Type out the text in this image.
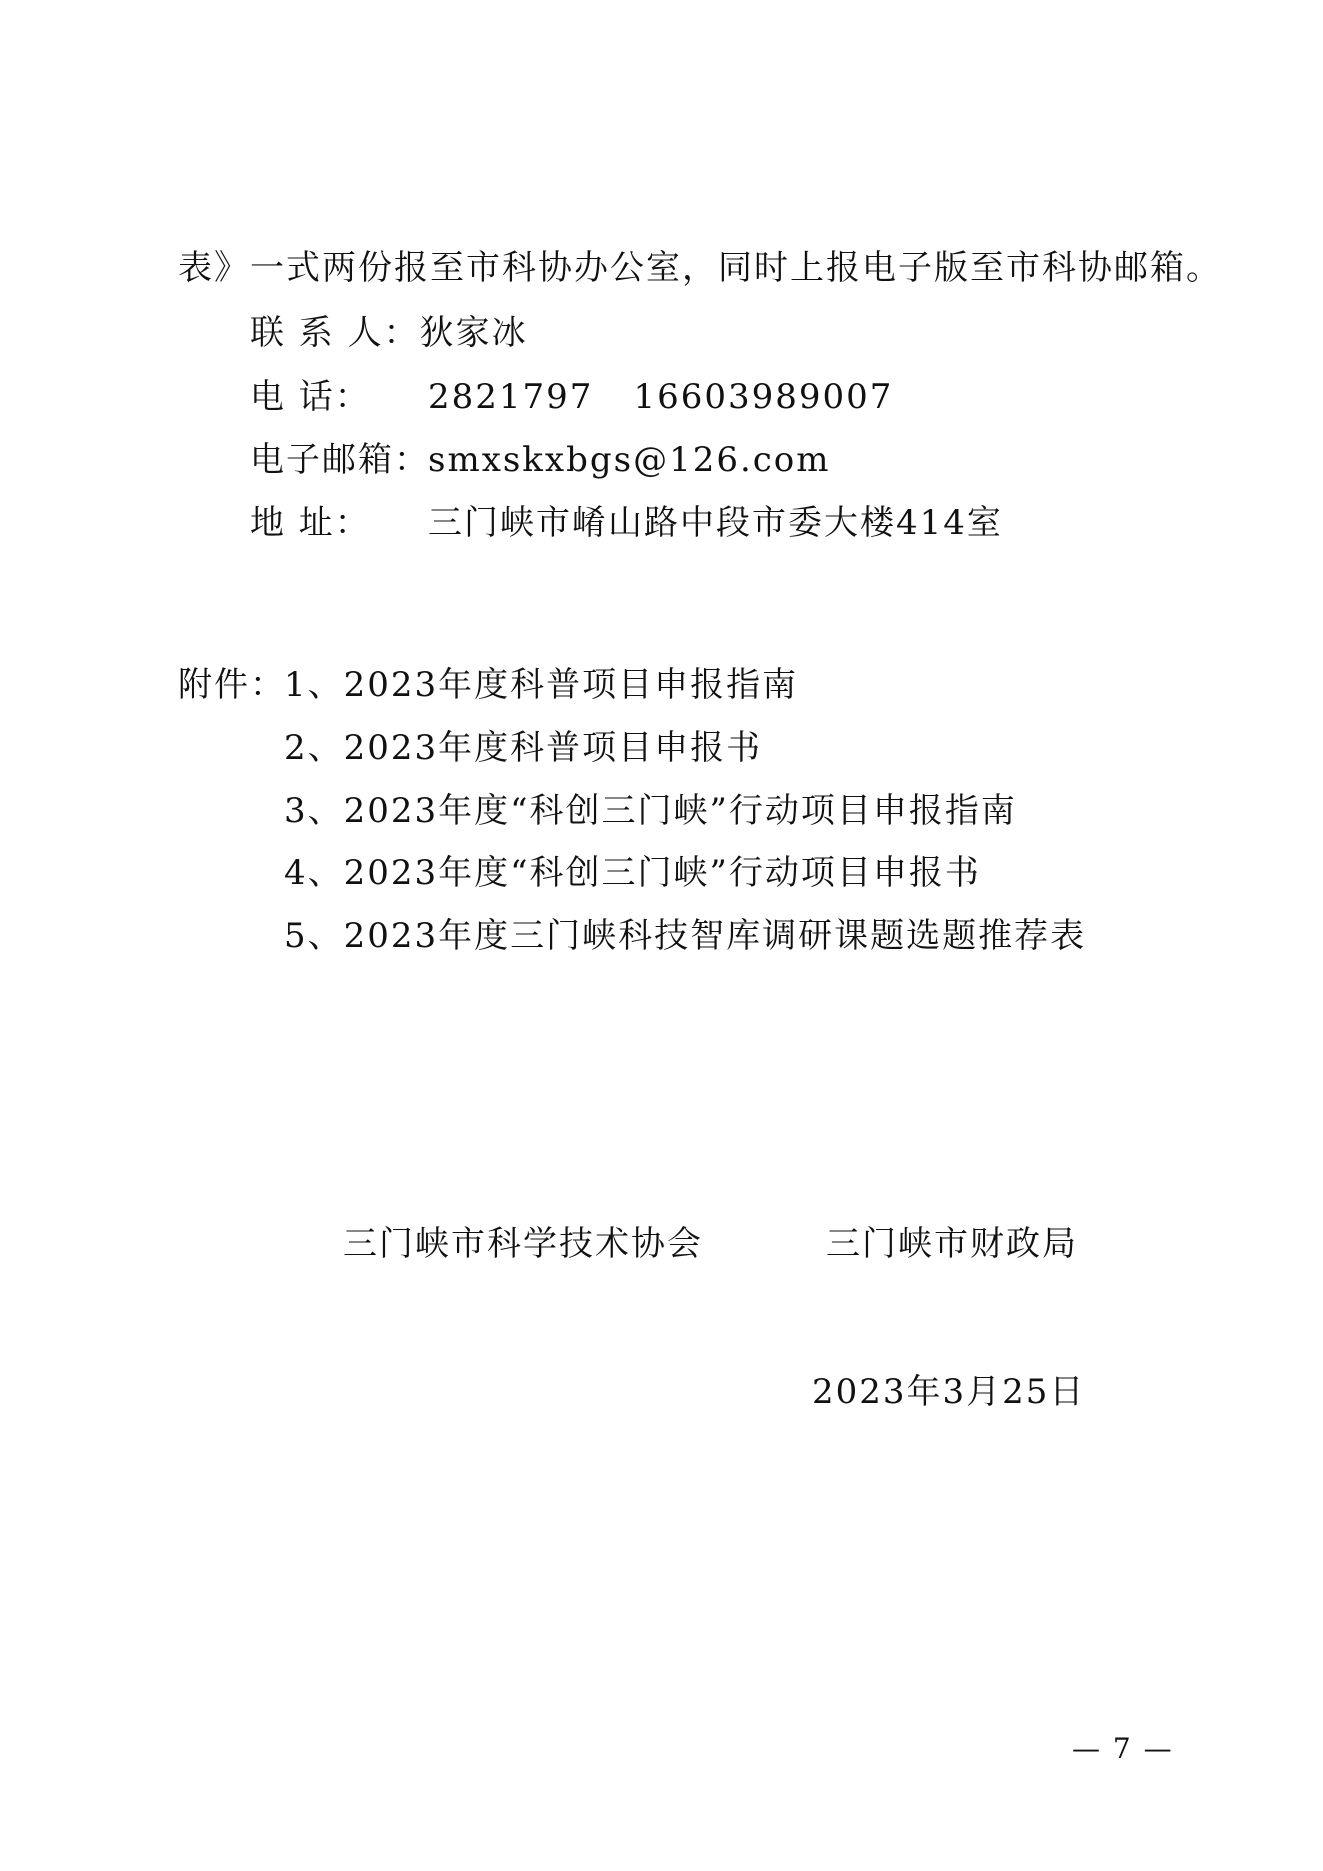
表》一式两份报至市科协办公室，同时上报电子版至市科协邮箱。
联 系 人：狄家冰
电 话： 2821797 16603989007
电子邮箱：smxskxbgs@126.com
地 址： 三门峡市崤山路中段市委大楼414室
附件：1、2023年度科普项目申报指南
2、2023年度科普项目申报书
3、2023年度“科创三门峡”行动项目申报指南
4、2023年度“科创三门峡”行动项目申报书
5、2023年度三门峡科技智库调研课题选题推荐表
三门峡市科学技术协会	三门峡市财政局
2023年3月25日
— 7 —
